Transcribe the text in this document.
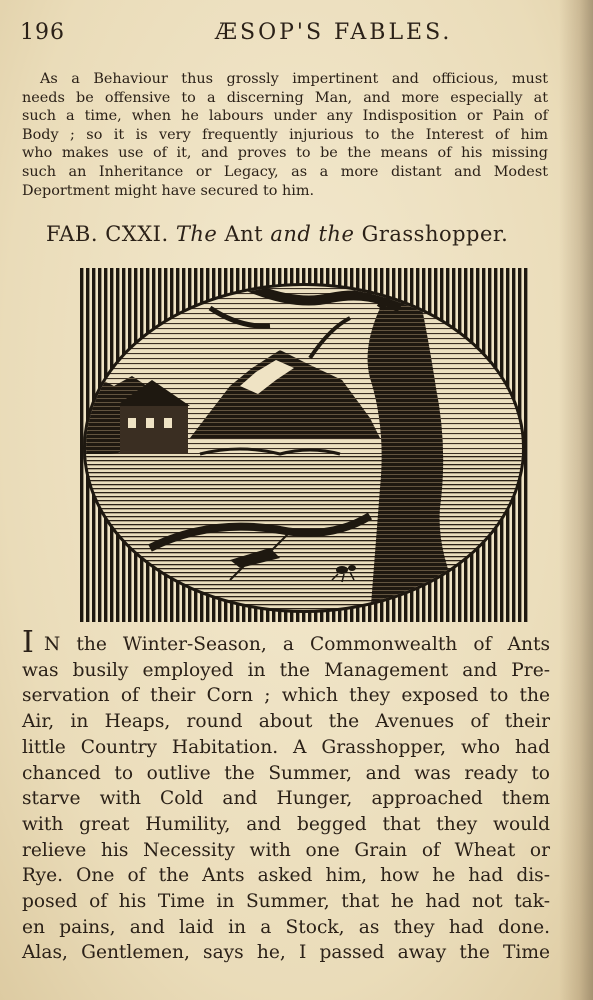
196	ÆSOP'S FABLES.
As a Behaviour thus grossly impertinent and officious, must
needs be offensive to a discerning Man, and more especially at
such a time, when he labours under any Indisposition or Pain of
Body ; so it is very frequently injurious to the Interest of him
who makes use of it, and proves to be the means of his missing
such an Inheritance or Legacy, as a more distant and Modest
Deportment might have secured to him.
FAB. CXXI. The Ant and the Grasshopper.
I N the Winter-Season, a Commonwealth of Ants
was busily employed in the Management and Pre-
servation of their Corn ; which they exposed to the
Air, in Heaps, round about the Avenues of their
little Country Habitation. A Grasshopper, who had
chanced to outlive the Summer, and was ready to
starve with Cold and Hunger, approached them
with great Humility, and begged that they would
relieve his Necessity with one Grain of Wheat or
Rye. One of the Ants asked him, how he had dis-
posed of his Time in Summer, that he had not tak-
en pains, and laid in a Stock, as they had done.
Alas, Gentlemen, says he, I passed away the Time
